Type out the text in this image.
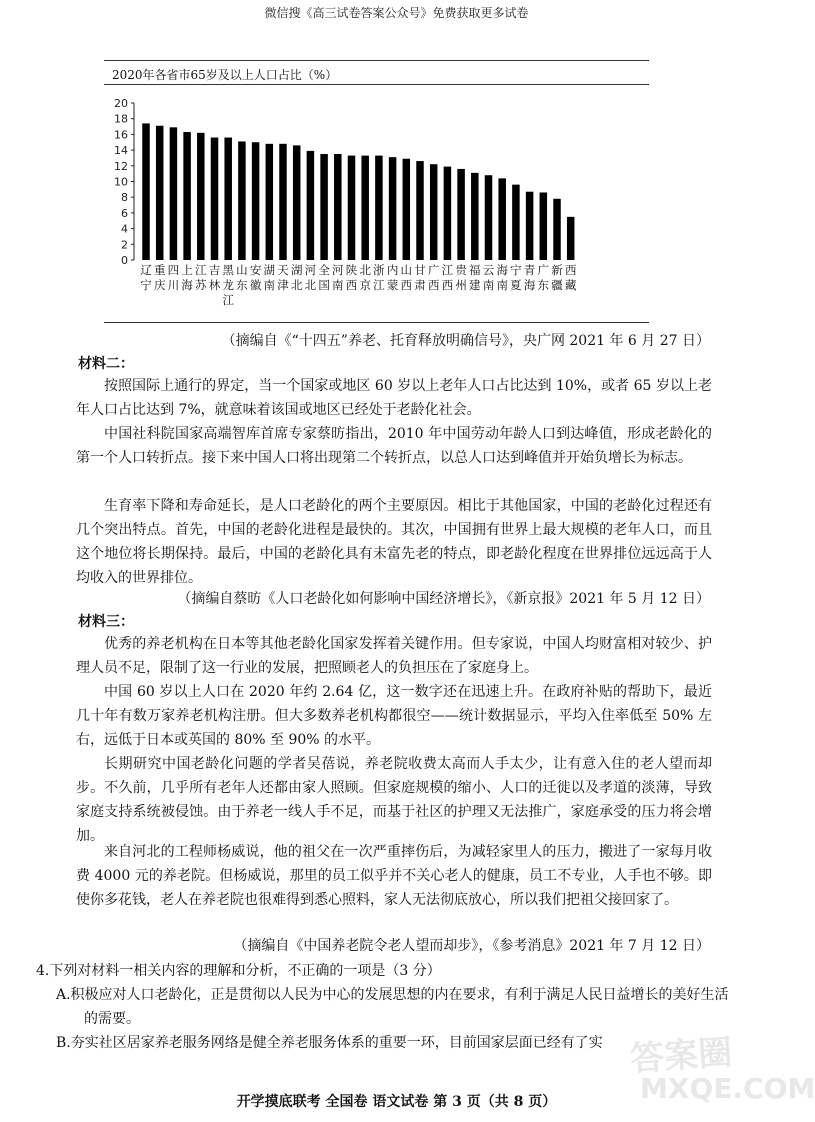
微信搜《高三试卷答案公众号》免费获取更多试卷
2020年各省市65岁及以上人口占比（%）
0
2
4
6
8
10
12
14
16
18
20
辽
宁
重
庆
四
川
上
海
江
苏
吉
林
黑
龙
江
山
东
安
徽
湖
南
天
津
湖
北
河
北
全
国
河
南
陕
西
北
京
浙
江
内
蒙
山
西
甘
肃
广
西
江
西
贵
州
福
建
云
南
海
南
宁
夏
青
海
广
东
新
疆
西
藏
（摘编自《“十四五”养老、托育释放明确信号》，央广网 2021 年 6 月 27 日）
材料二：
按照国际上通行的界定，当一个国家或地区 60 岁以上老年人口占比达到 10%，或者 65 岁以上老年人口占比达到 7%，就意味着该国或地区已经处于老龄化社会。
中国社科院国家高端智库首席专家蔡昉指出，2010 年中国劳动年龄人口到达峰值，形成老龄化的第一个人口转折点。接下来中国人口将出现第二个转折点，以总人口达到峰值并开始负增长为标志。
生育率下降和寿命延长，是人口老龄化的两个主要原因。相比于其他国家，中国的老龄化过程还有几个突出特点。首先，中国的老龄化进程是最快的。其次，中国拥有世界上最大规模的老年人口，而且这个地位将长期保持。最后，中国的老龄化具有未富先老的特点，即老龄化程度在世界排位远远高于人均收入的世界排位。
（摘编自蔡昉《人口老龄化如何影响中国经济增长》，《新京报》2021 年 5 月 12 日）
材料三：
优秀的养老机构在日本等其他老龄化国家发挥着关键作用。但专家说，中国人均财富相对较少、护理人员不足，限制了这一行业的发展，把照顾老人的负担压在了家庭身上。
中国 60 岁以上人口在 2020 年约 2.64 亿，这一数字还在迅速上升。在政府补贴的帮助下，最近几十年有数万家养老机构注册。但大多数养老机构都很空——统计数据显示，平均入住率低至 50% 左右，远低于日本或英国的 80% 至 90% 的水平。
长期研究中国老龄化问题的学者吴蓓说，养老院收费太高而人手太少，让有意入住的老人望而却步。不久前，几乎所有老年人还都由家人照顾。但家庭规模的缩小、人口的迁徙以及孝道的淡薄，导致家庭支持系统被侵蚀。由于养老一线人手不足，而基于社区的护理又无法推广，家庭承受的压力将会增加。
来自河北的工程师杨威说，他的祖父在一次严重摔伤后，为减轻家里人的压力，搬进了一家每月收费 4000 元的养老院。但杨威说，那里的员工似乎并不关心老人的健康，员工不专业，人手也不够。即使你多花钱，老人在养老院也很难得到悉心照料，家人无法彻底放心，所以我们把祖父接回家了。
（摘编自《中国养老院令老人望而却步》，《参考消息》2021 年 7 月 12 日）
4.下列对材料一相关内容的理解和分析，不正确的一项是（3 分）
A.积极应对人口老龄化，正是贯彻以人民为中心的发展思想的内在要求，有利于满足人民日益增长的美好生活的需要。
B.夯实社区居家养老服务网络是健全养老服务体系的重要一环，目前国家层面已经有了实
开学摸底联考 全国卷 语文试卷 第 3 页（共 8 页）
答案圈
MXQE.COM
